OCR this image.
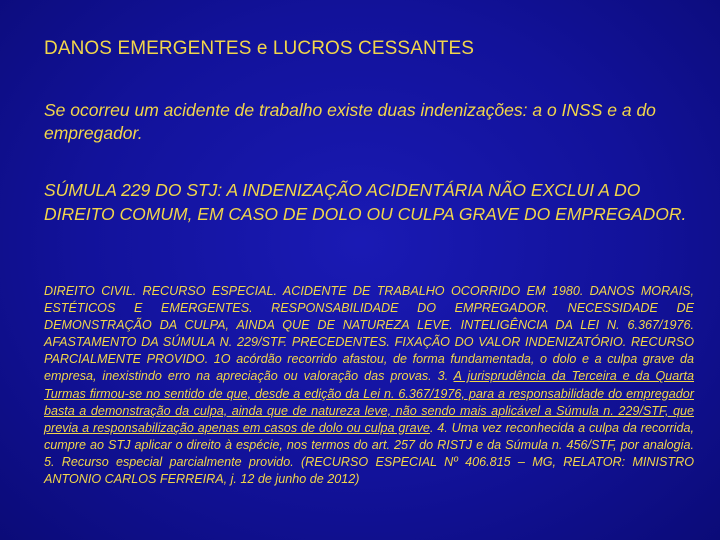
DANOS EMERGENTES e LUCROS CESSANTES

Se ocorreu um acidente de trabalho existe duas indenizações: a o INSS e a do empregador.

SÚMULA 229 DO STJ: A INDENIZAÇÃO ACIDENTÁRIA NÃO EXCLUI A DO DIREITO COMUM, EM CASO DE DOLO OU CULPA GRAVE DO EMPREGADOR.

DIREITO CIVIL. RECURSO ESPECIAL. ACIDENTE DE TRABALHO OCORRIDO EM 1980. DANOS MORAIS, ESTÉTICOS E EMERGENTES. RESPONSABILIDADE DO EMPREGADOR. NECESSIDADE DE DEMONSTRAÇÃO DA CULPA, AINDA QUE DE NATUREZA LEVE. INTELIGÊNCIA DA LEI N. 6.367/1976. AFASTAMENTO DA SÚMULA N. 229/STF. PRECEDENTES. FIXAÇÃO DO VALOR INDENIZATÓRIO. RECURSO PARCIALMENTE PROVIDO. 1O acórdão recorrido afastou, de forma fundamentada, o dolo e a culpa grave da empresa, inexistindo erro na apreciação ou valoração das provas. 3. A jurisprudência da Terceira e da Quarta Turmas firmou-se no sentido de que, desde a edição da Lei n. 6.367/1976, para a responsabilidade do empregador basta a demonstração da culpa, ainda que de natureza leve, não sendo mais aplicável a Súmula n. 229/STF, que previa a responsabilização apenas em casos de dolo ou culpa grave. 4. Uma vez reconhecida a culpa da recorrida, cumpre ao STJ aplicar o direito à espécie, nos termos do art. 257 do RISTJ e da Súmula n. 456/STF, por analogia. 5. Recurso especial parcialmente provido. (RECURSO ESPECIAL Nº 406.815 – MG, RELATOR: MINISTRO ANTONIO CARLOS FERREIRA, j. 12 de junho de 2012)
